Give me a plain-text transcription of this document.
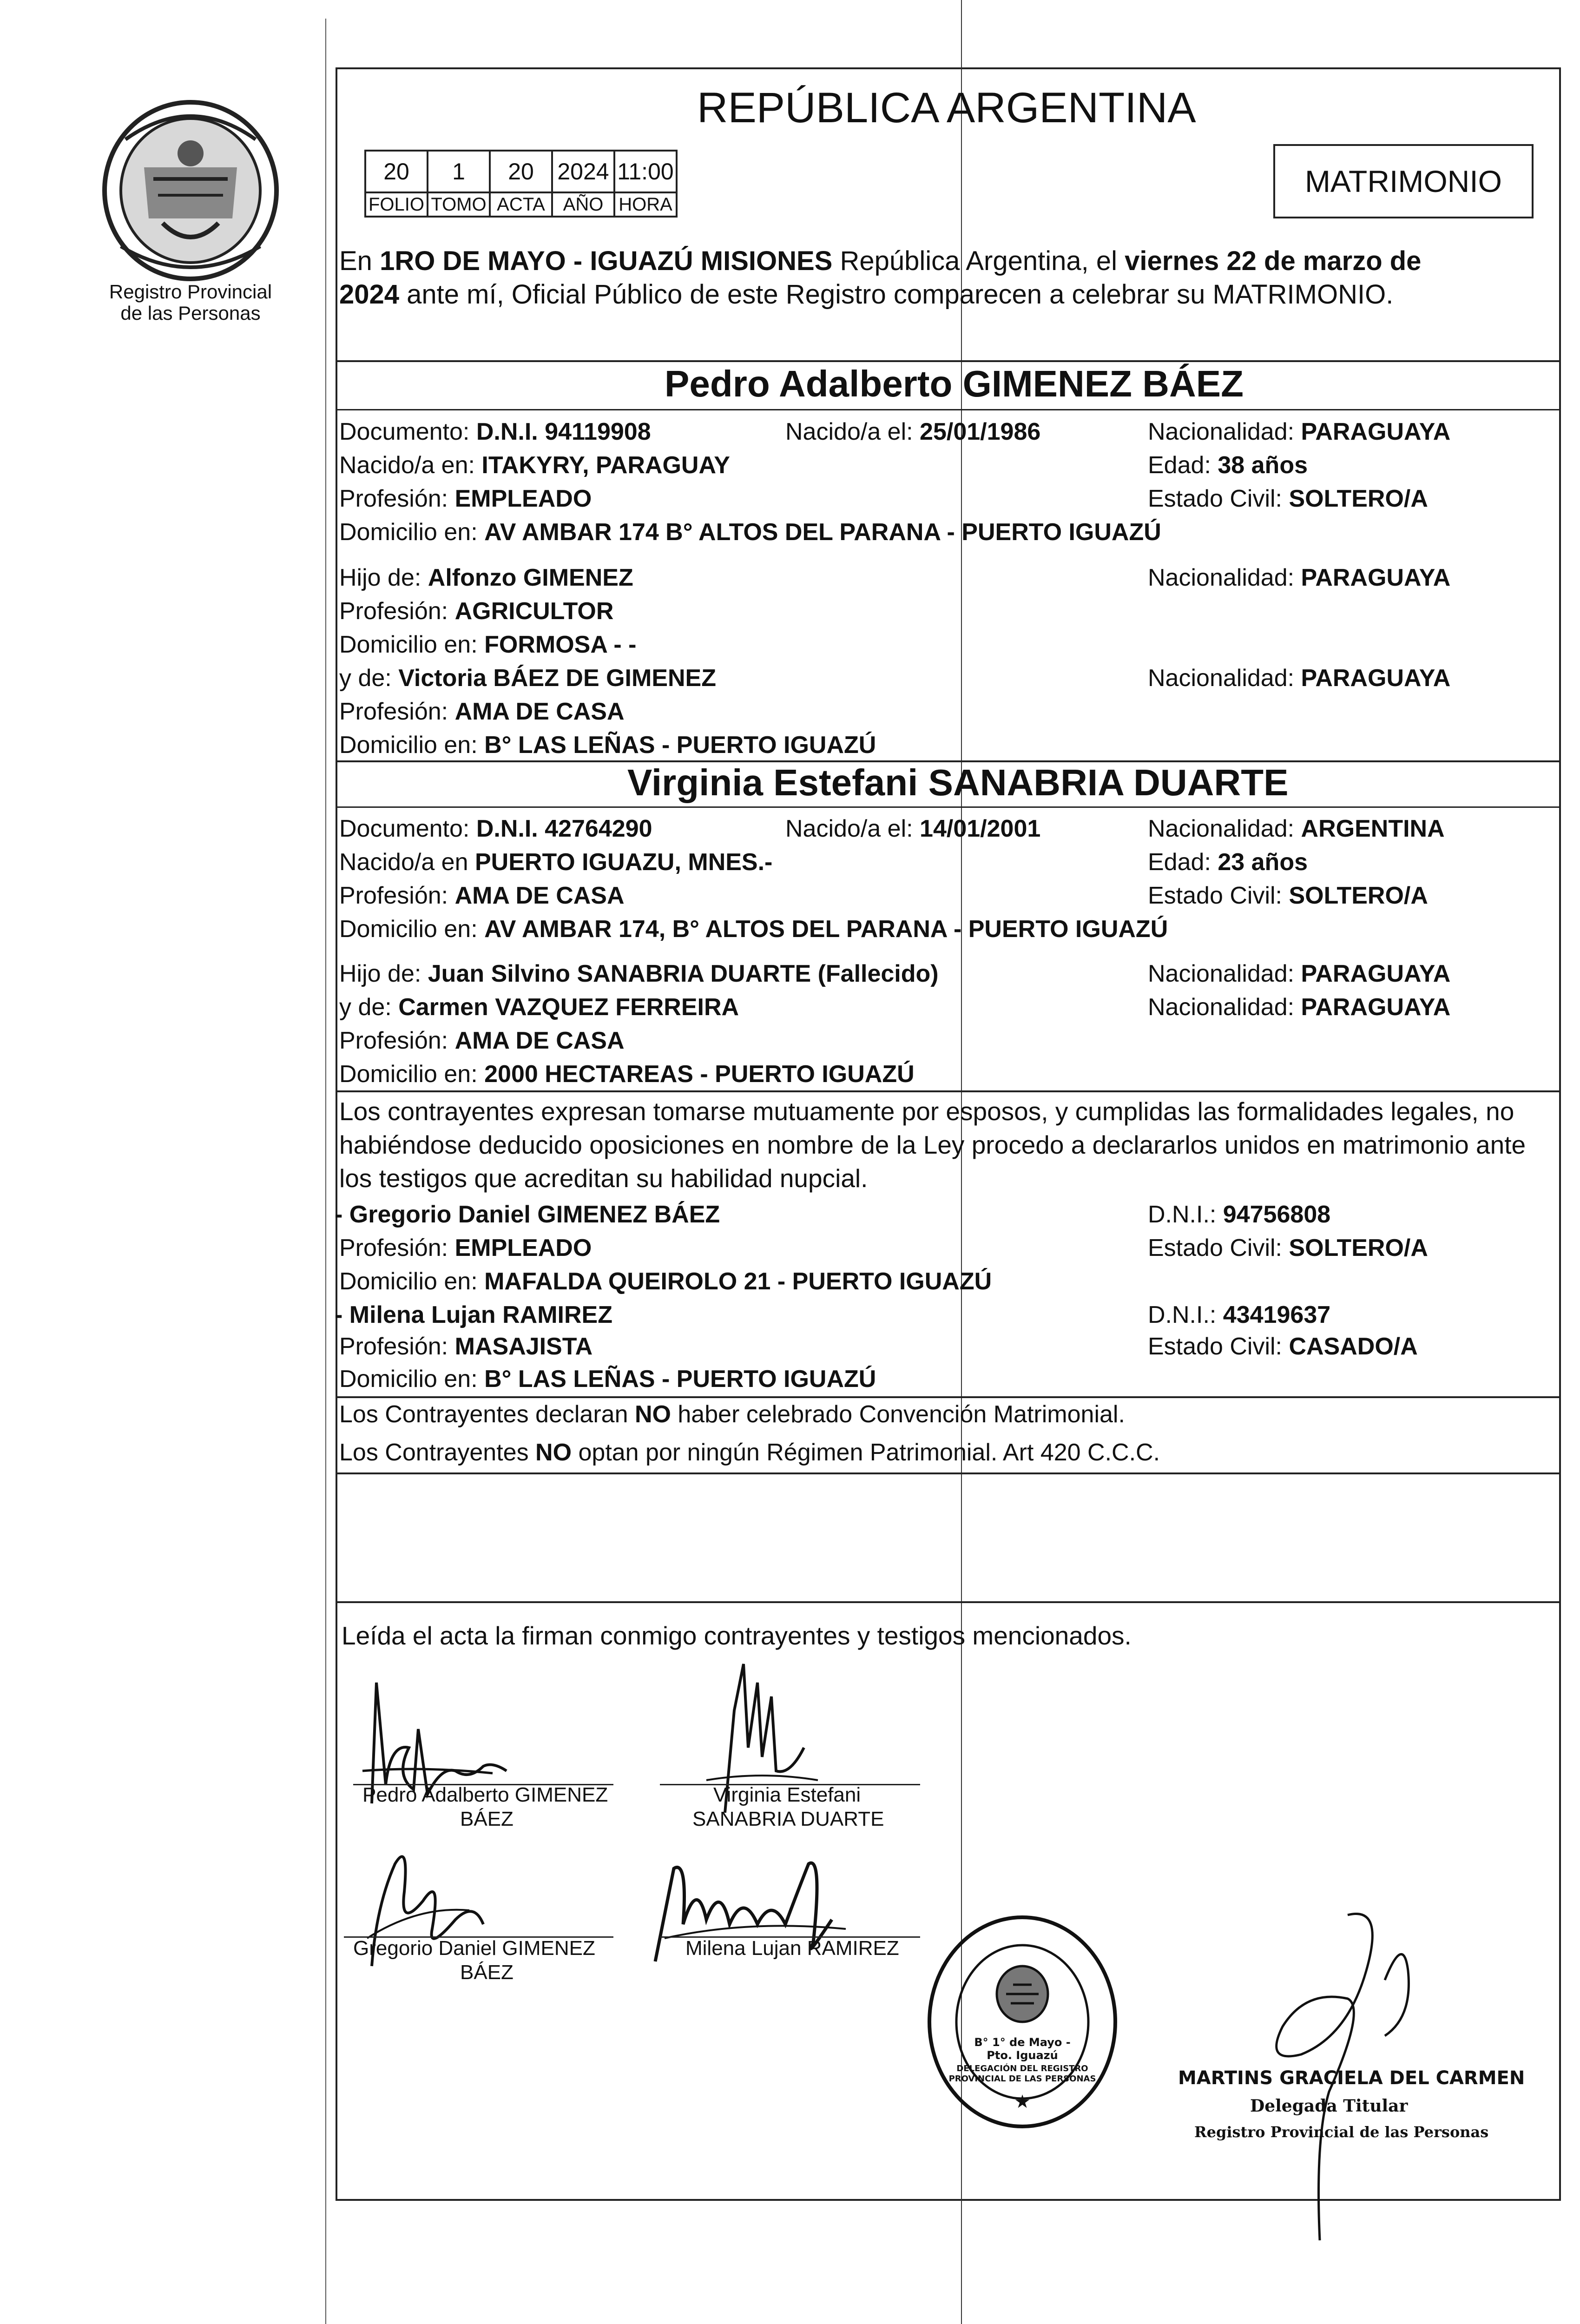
Registro Provincial
de las Personas
REPÚBLICA ARGENTINA
20	1	20	2024 11:00
FOLIO TOMO ACTA AÑO HORA
MATRIMONIO
En 1RO DE MAYO - IGUAZÚ MISIONES República Argentina, el viernes 22 de marzo de
2024 ante mí, Oficial Público de este Registro comparecen a celebrar su MATRIMONIO.
Pedro Adalberto GIMENEZ BÁEZ
Documento: D.N.I. 94119908	Nacido/a el: 25/01/1986	Nacionalidad: PARAGUAYA
Nacido/a en: ITAKYRY, PARAGUAY	Edad: 38 años
Profesión: EMPLEADO	Estado Civil: SOLTERO/A
Domicilio en: AV AMBAR 174 B° ALTOS DEL PARANA - PUERTO IGUAZÚ
Hijo de: Alfonzo GIMENEZ	Nacionalidad: PARAGUAYA
Profesión: AGRICULTOR
Domicilio en: FORMOSA - -
y de: Victoria BÁEZ DE GIMENEZ	Nacionalidad: PARAGUAYA
Profesión: AMA DE CASA
Domicilio en: B° LAS LEÑAS - PUERTO IGUAZÚ
Virginia Estefani SANABRIA DUARTE
Documento: D.N.I. 42764290	Nacido/a el: 14/01/2001	Nacionalidad: ARGENTINA
Nacido/a en PUERTO IGUAZU, MNES.-	Edad: 23 años
Profesión: AMA DE CASA	Estado Civil: SOLTERO/A
Domicilio en: AV AMBAR 174, B° ALTOS DEL PARANA - PUERTO IGUAZÚ
Hijo de: Juan Silvino SANABRIA DUARTE (Fallecido)	Nacionalidad: PARAGUAYA
y de: Carmen VAZQUEZ FERREIRA	Nacionalidad: PARAGUAYA
Profesión: AMA DE CASA
Domicilio en: 2000 HECTAREAS - PUERTO IGUAZÚ
Los contrayentes expresan tomarse mutuamente por esposos, y cumplidas las formalidades legales, no
habiéndose deducido oposiciones en nombre de la Ley procedo a declararlos unidos en matrimonio ante
los testigos que acreditan su habilidad nupcial.
- Gregorio Daniel GIMENEZ BÁEZ	D.N.I.: 94756808
Profesión: EMPLEADO	Estado Civil: SOLTERO/A
Domicilio en: MAFALDA QUEIROLO 21 - PUERTO IGUAZÚ
- Milena Lujan RAMIREZ	D.N.I.: 43419637
Profesión: MASAJISTA	Estado Civil: CASADO/A
Domicilio en: B° LAS LEÑAS - PUERTO IGUAZÚ
Los Contrayentes declaran NO haber celebrado Convención Matrimonial.
Los Contrayentes NO optan por ningún Régimen Patrimonial. Art 420 C.C.C.
Leída el acta la firman conmigo contrayentes y testigos mencionados.
Pedro Adalberto GIMENEZ
BÁEZ
Virginia Estefani
SANABRIA DUARTE
Gregorio Daniel GIMENEZ
BÁEZ
Milena Lujan RAMIREZ
★
DELEGACIÓN DEL REGISTRO PROVINCIAL DE LAS PERSONAS
B° 1° de Mayo - Pto. Iguazú
MARTINS GRACIELA DEL CARMEN
Delegada Titular
Registro Provincial de las Personas
